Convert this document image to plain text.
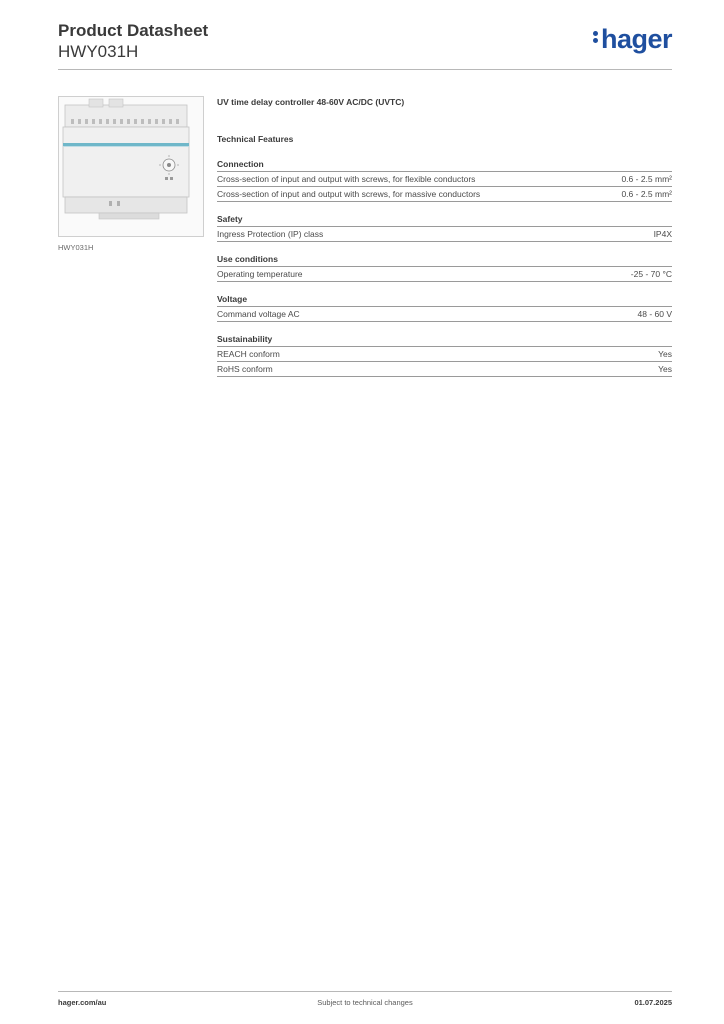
Product Datasheet
HWY031H	hager
HWY031H
UV time delay controller 48-60V AC/DC (UVTC)
Technical Features
Connection
Cross-section of input and output with screws, for flexible conductors	0.6 - 2.5 mm²
Cross-section of input and output with screws, for massive conductors	0.6 - 2.5 mm²
Safety
Ingress Protection (IP) class	IP4X
Use conditions
Operating temperature	-25 - 70 °C
Voltage
Command voltage AC	48 - 60 V
Sustainability
REACH conform	Yes
RoHS conform	Yes
Subject to technical changes
hager.com/au	01.07.2025
